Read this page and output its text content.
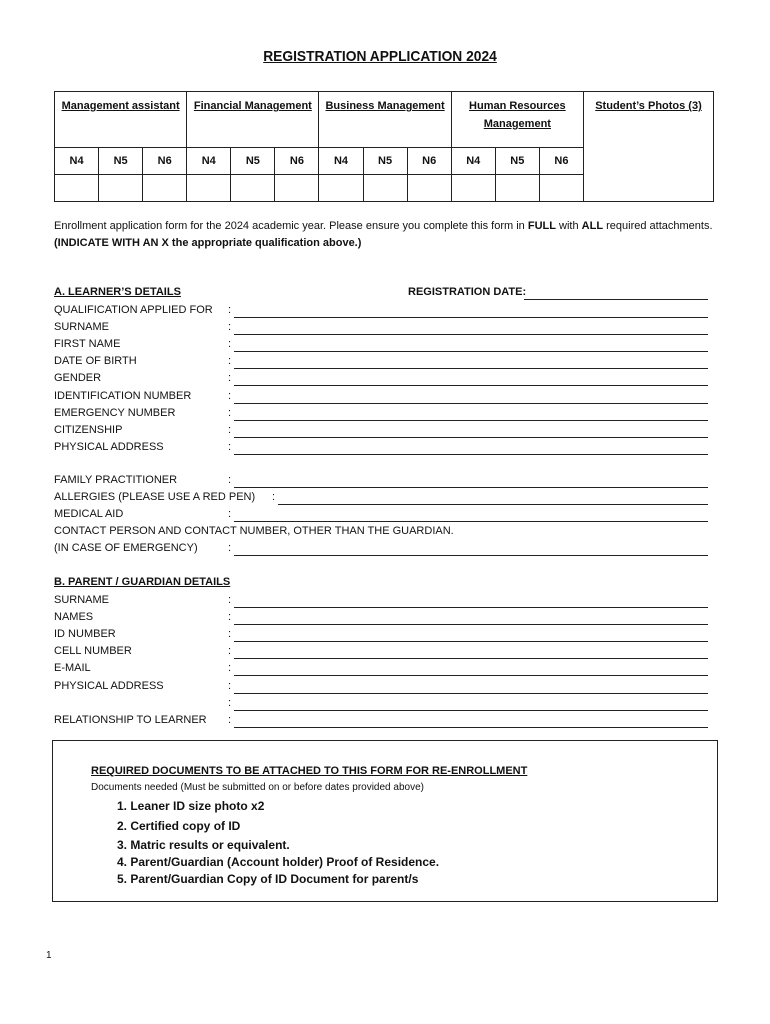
REGISTRATION APPLICATION 2024
Management assistant			Financial Management			Business Management			Human Resources Management			Student’s Photos (3)
N4	N5	N6	N4	N5	N6	N4	N5	N6	N4	N5	N6	

Enrollment application form for the 2024 academic year. Please ensure you complete this form in FULL with ALL required attachments.
(INDICATE WITH AN X the appropriate qualification above.)
A. LEARNER’S DETAILS	REGISTRATION DATE:
QUALIFICATION APPLIED FOR :
SURNAME	:
FIRST NAME	:
DATE OF BIRTH	:
GENDER	:
IDENTIFICATION NUMBER	:
EMERGENCY NUMBER	:
CITIZENSHIP	:
PHYSICAL ADDRESS	:
FAMILY PRACTITIONER	:
ALLERGIES (PLEASE USE A RED PEN) :
MEDICAL AID	:
CONTACT PERSON AND CONTACT NUMBER, OTHER THAN THE GUARDIAN.
(IN CASE OF EMERGENCY)	:
SURNAME	:
NAMES	:
ID NUMBER	:
CELL NUMBER	:
E-MAIL	:
PHYSICAL ADDRESS	:
:
RELATIONSHIP TO LEARNER :
B. PARENT / GUARDIAN DETAILS
REQUIRED DOCUMENTS TO BE ATTACHED TO THIS FORM FOR RE-ENROLLMENT
Documents needed (Must be submitted on or before dates provided above)
1. Leaner ID size photo x2
2. Certified copy of ID
3. Matric results or equivalent.
4. Parent/Guardian (Account holder) Proof of Residence.
5. Parent/Guardian Copy of ID Document for parent/s
1
